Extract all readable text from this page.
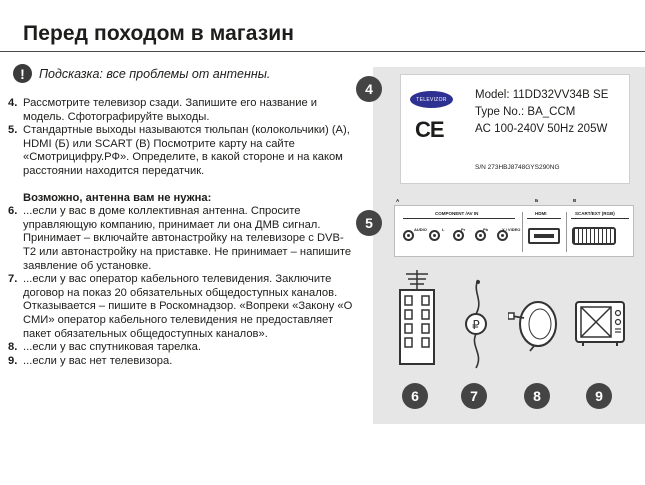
Перед походом в магазин
!	Подсказка: все проблемы от антенны.
4. Рассмотрите телевизор сзади. Запишите его название и модель. Сфотографируйте выходы.
5. Стандартные выходы называются тюльпан (колокольчики) (А), HDMI (Б) или SCART (В) Посмотрите карту на сайте «Смотрицифру.РФ». Определите, в какой стороне и на каком расстоянии находится передатчик.
Возможно, антенна вам не нужна:
6. ...если у вас в доме коллективная антенна. Спросите управляющую компанию, принимает ли она ДМВ сигнал. Принимает – включайте автонастройку на телевизоре с DVB-T2 или автонастройку на приставке. Не принимает – напишите заявление об установке.
7. ...если у вас оператор кабельного телевидения. Заключите договор на показ 20 обязательных общедоступных каналов. Отказывается – пишите в Роскомнадзор. «Вопреки «Закону «О СМИ» оператор кабельного телевидения не предоставляет пакет обязательных общедоступных каналов».
8. ...если у вас спутниковая тарелка.
9. ...если у вас нет телевизора.
4
5
6	7	8	9
TELEVIZOR
CE
Model: 11DD32VV34B SE
Type No.: BA_CCM
AC 100-240V 50Hz 205W
S/N 273HBJ8748GYS290NG
A	Б	B
COMPONENT /AV IN
AUDIO	L	Pr	Pb	Y / VIDEO
HDMI	SCART/EXT (RGB)
₽
